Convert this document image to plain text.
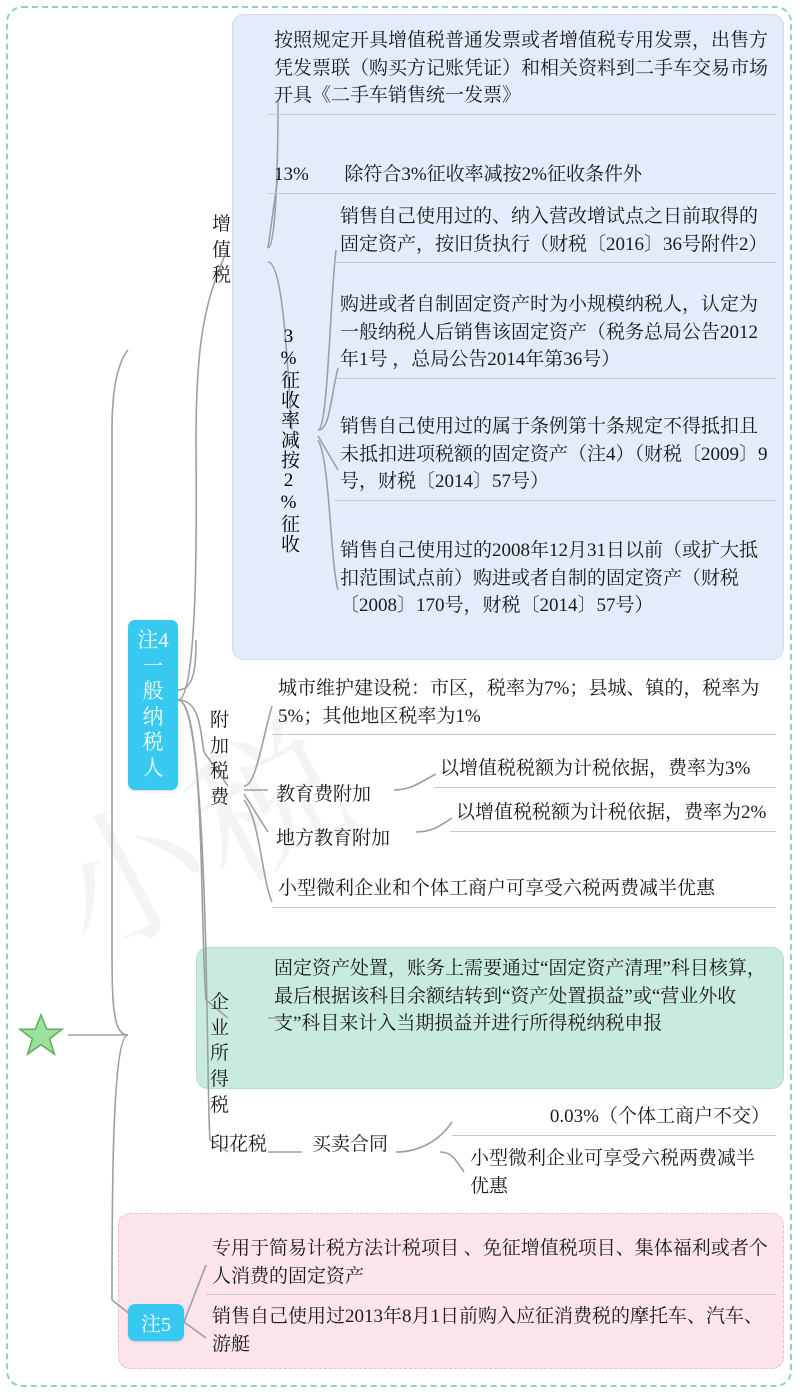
注4 一般纳税人
增值税
按照规定开具增值税普通发票或者增值税专用发票，出售方凭发票联（购买方记账凭证）和相关资料到二手车交易市场开具《二手车销售统一发票》
13% 除符合3%征收率减按2%征收条件外
3%征收率减按2%征收
销售自己使用过的、纳入营改增试点之日前取得的固定资产，按旧货执行（财税〔2016〕36号附件2）
购进或者自制固定资产时为小规模纳税人，认定为一般纳税人后销售该固定资产（税务总局公告2012年1号 ，总局公告2014年第36号）
销售自己使用过的属于条例第十条规定不得抵扣且未抵扣进项税额的固定资产（注4）（财税〔2009〕9号，财税〔2014〕57号）
销售自己使用过的2008年12月31日以前（或扩大抵扣范围试点前）购进或者自制的固定资产（财税〔2008〕170号，财税〔2014〕57号）
附加税费
城市维护建设税：市区，税率为7%；县城、镇的，税率为5%；其他地区税率为1%
教育费附加
以增值税税额为计税依据，费率为3%
地方教育附加
以增值税税额为计税依据，费率为2%
小型微利企业和个体工商户可享受六税两费减半优惠
企业所得税
固定资产处置，账务上需要通过“固定资产清理”科目核算，最后根据该科目余额结转到“资产处置损益”或“营业外收支”科目来计入当期损益并进行所得税纳税申报
印花税	买卖合同
0.03%（个体工商户不交）
小型微利企业可享受六税两费减半优惠
注5
专用于简易计税方法计税项目 、免征增值税项目、集体福利或者个人消费的固定资产
销售自己使用过2013年8月1日前购入应征消费税的摩托车、汽车、游艇
